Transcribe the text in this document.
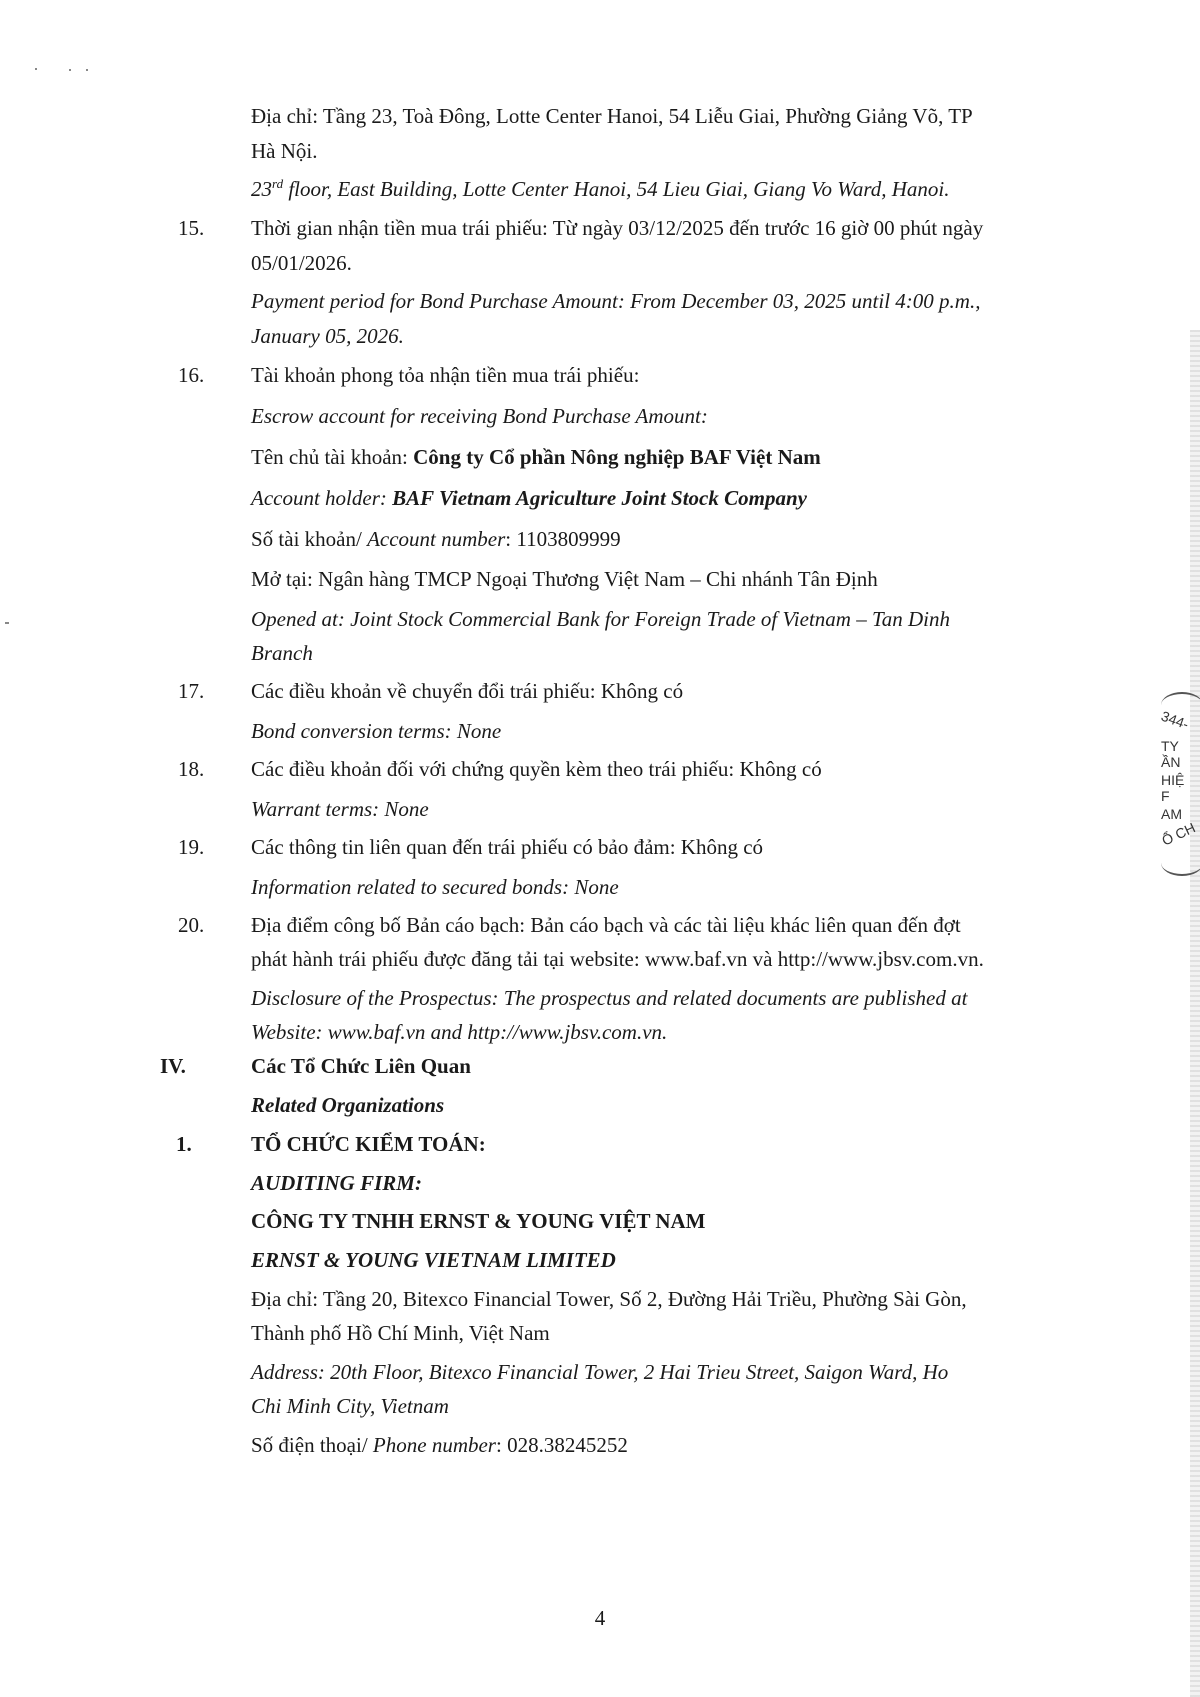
Địa chỉ: Tầng 23, Toà Đông, Lotte Center Hanoi, 54 Liễu Giai, Phường Giảng Võ, TP
Hà Nội.
23rd floor, East Building, Lotte Center Hanoi, 54 Lieu Giai, Giang Vo Ward, Hanoi.
15. Thời gian nhận tiền mua trái phiếu: Từ ngày 03/12/2025 đến trước 16 giờ 00 phút ngày
05/01/2026.
Payment period for Bond Purchase Amount: From December 03, 2025 until 4:00 p.m.,
January 05, 2026.
16. Tài khoản phong tỏa nhận tiền mua trái phiếu:
Escrow account for receiving Bond Purchase Amount:
Tên chủ tài khoản: Công ty Cổ phần Nông nghiệp BAF Việt Nam
Account holder: BAF Vietnam Agriculture Joint Stock Company
Số tài khoản/ Account number: 1103809999
Mở tại: Ngân hàng TMCP Ngoại Thương Việt Nam – Chi nhánh Tân Định
Opened at: Joint Stock Commercial Bank for Foreign Trade of Vietnam – Tan Dinh
Branch
17. Các điều khoản về chuyển đổi trái phiếu: Không có
Bond conversion terms: None
18. Các điều khoản đối với chứng quyền kèm theo trái phiếu: Không có
Warrant terms: None
19. Các thông tin liên quan đến trái phiếu có bảo đảm: Không có
Information related to secured bonds: None
20. Địa điểm công bố Bản cáo bạch: Bản cáo bạch và các tài liệu khác liên quan đến đợt
phát hành trái phiếu được đăng tải tại website: www.baf.vn và http://www.jbsv.com.vn.
Disclosure of the Prospectus: The prospectus and related documents are published at
Website: www.baf.vn and http://www.jbsv.com.vn.
IV.	Các Tổ Chức Liên Quan
Related Organizations
1.	TỔ CHỨC KIỂM TOÁN:
AUDITING FIRM:
CÔNG TY TNHH ERNST & YOUNG VIỆT NAM
ERNST & YOUNG VIETNAM LIMITED
Địa chỉ: Tầng 20, Bitexco Financial Tower, Số 2, Đường Hải Triều, Phường Sài Gòn,
Thành phố Hồ Chí Minh, Việt Nam
Address: 20th Floor, Bitexco Financial Tower, 2 Hai Trieu Street, Saigon Ward, Ho
Chi Minh City, Vietnam
Số điện thoại/ Phone number: 028.38245252
4
344-
TY
ẦN
HIỆ
F
AM
Ổ CH
